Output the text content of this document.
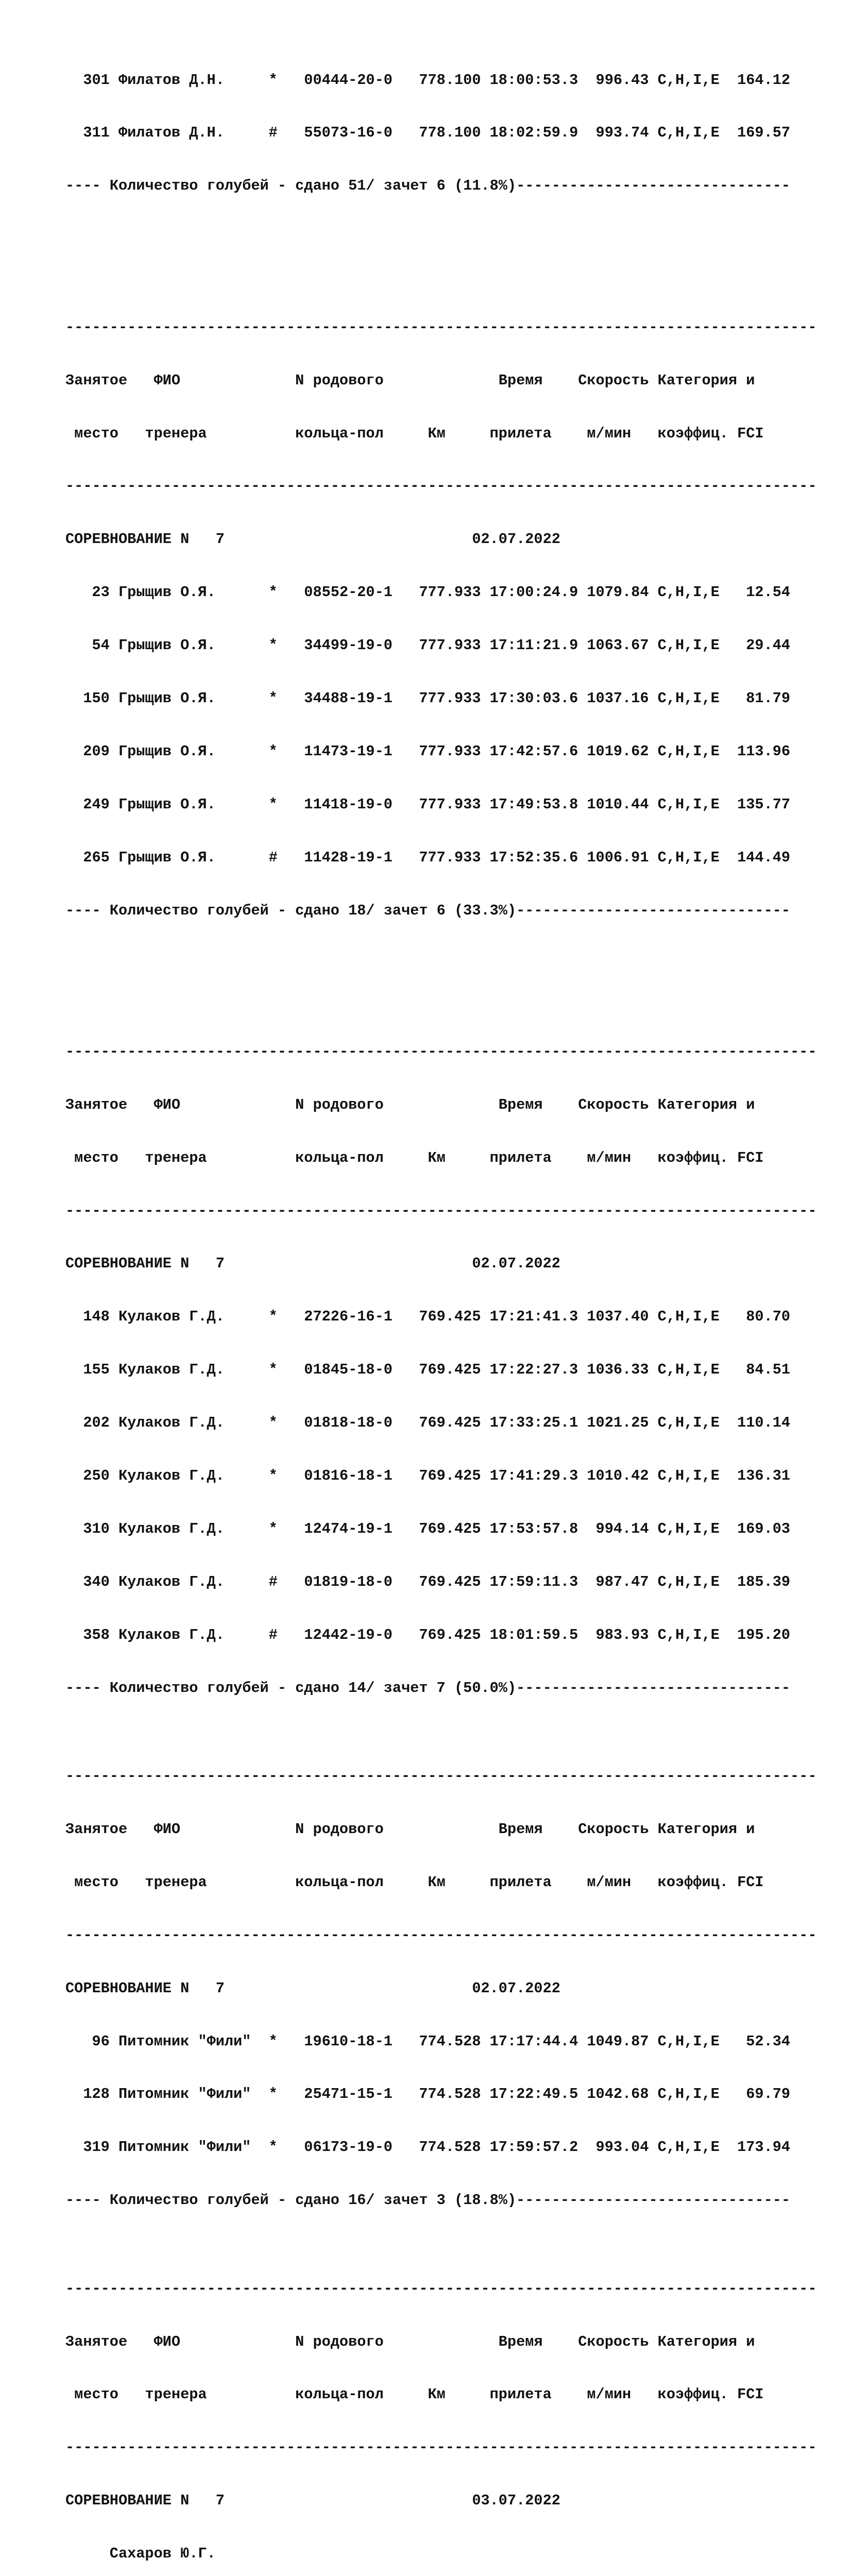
301 Филатов Д.Н.     *   00444-20-0   778.100 18:00:53.3  996.43 C,H,I,E  164.12

311 Филатов Д.Н.     #   55073-16-0   778.100 18:02:59.9  993.74 C,H,I,E  169.57

---- Количество голубей - сдано 51/ зачет 6 (11.8%)-------------------------------

-------------------------------------------------------------------------------------

Занятое   ФИО             N родового             Время    Скорость Категория и

место   тренера          кольца-пол     Км     прилета    м/мин   коэффиц. FCI

-------------------------------------------------------------------------------------

СОРЕВНОВАНИЕ N   7                            02.07.2022

23 Грыщив О.Я.      *   08552-20-1   777.933 17:00:24.9 1079.84 C,H,I,E   12.54

54 Грыщив О.Я.      *   34499-19-0   777.933 17:11:21.9 1063.67 C,H,I,E   29.44

150 Грыщив О.Я.      *   34488-19-1   777.933 17:30:03.6 1037.16 C,H,I,E   81.79

209 Грыщив О.Я.      *   11473-19-1   777.933 17:42:57.6 1019.62 C,H,I,E  113.96

249 Грыщив О.Я.      *   11418-19-0   777.933 17:49:53.8 1010.44 C,H,I,E  135.77

265 Грыщив О.Я.      #   11428-19-1   777.933 17:52:35.6 1006.91 C,H,I,E  144.49

---- Количество голубей - сдано 18/ зачет 6 (33.3%)-------------------------------

-------------------------------------------------------------------------------------

Занятое   ФИО             N родового             Время    Скорость Категория и

место   тренера          кольца-пол     Км     прилета    м/мин   коэффиц. FCI

-------------------------------------------------------------------------------------

СОРЕВНОВАНИЕ N   7                            02.07.2022

148 Кулаков Г.Д.     *   27226-16-1   769.425 17:21:41.3 1037.40 C,H,I,E   80.70

155 Кулаков Г.Д.     *   01845-18-0   769.425 17:22:27.3 1036.33 C,H,I,E   84.51

202 Кулаков Г.Д.     *   01818-18-0   769.425 17:33:25.1 1021.25 C,H,I,E  110.14

250 Кулаков Г.Д.     *   01816-18-1   769.425 17:41:29.3 1010.42 C,H,I,E  136.31

310 Кулаков Г.Д.     *   12474-19-1   769.425 17:53:57.8  994.14 C,H,I,E  169.03

340 Кулаков Г.Д.     #   01819-18-0   769.425 17:59:11.3  987.47 C,H,I,E  185.39

358 Кулаков Г.Д.     #   12442-19-0   769.425 18:01:59.5  983.93 C,H,I,E  195.20

---- Количество голубей - сдано 14/ зачет 7 (50.0%)-------------------------------

-------------------------------------------------------------------------------------

Занятое   ФИО             N родового             Время    Скорость Категория и

место   тренера          кольца-пол     Км     прилета    м/мин   коэффиц. FCI

-------------------------------------------------------------------------------------

СОРЕВНОВАНИЕ N   7                            02.07.2022

96 Питомник "Фили"  *   19610-18-1   774.528 17:17:44.4 1049.87 C,H,I,E   52.34

128 Питомник "Фили"  *   25471-15-1   774.528 17:22:49.5 1042.68 C,H,I,E   69.79

319 Питомник "Фили"  *   06173-19-0   774.528 17:59:57.2  993.04 C,H,I,E  173.94

---- Количество голубей - сдано 16/ зачет 3 (18.8%)-------------------------------

-------------------------------------------------------------------------------------

Занятое   ФИО             N родового             Время    Скорость Категория и

место   тренера          кольца-пол     Км     прилета    м/мин   коэффиц. FCI

-------------------------------------------------------------------------------------

СОРЕВНОВАНИЕ N   7                            03.07.2022

Сахаров Ю.Г.
